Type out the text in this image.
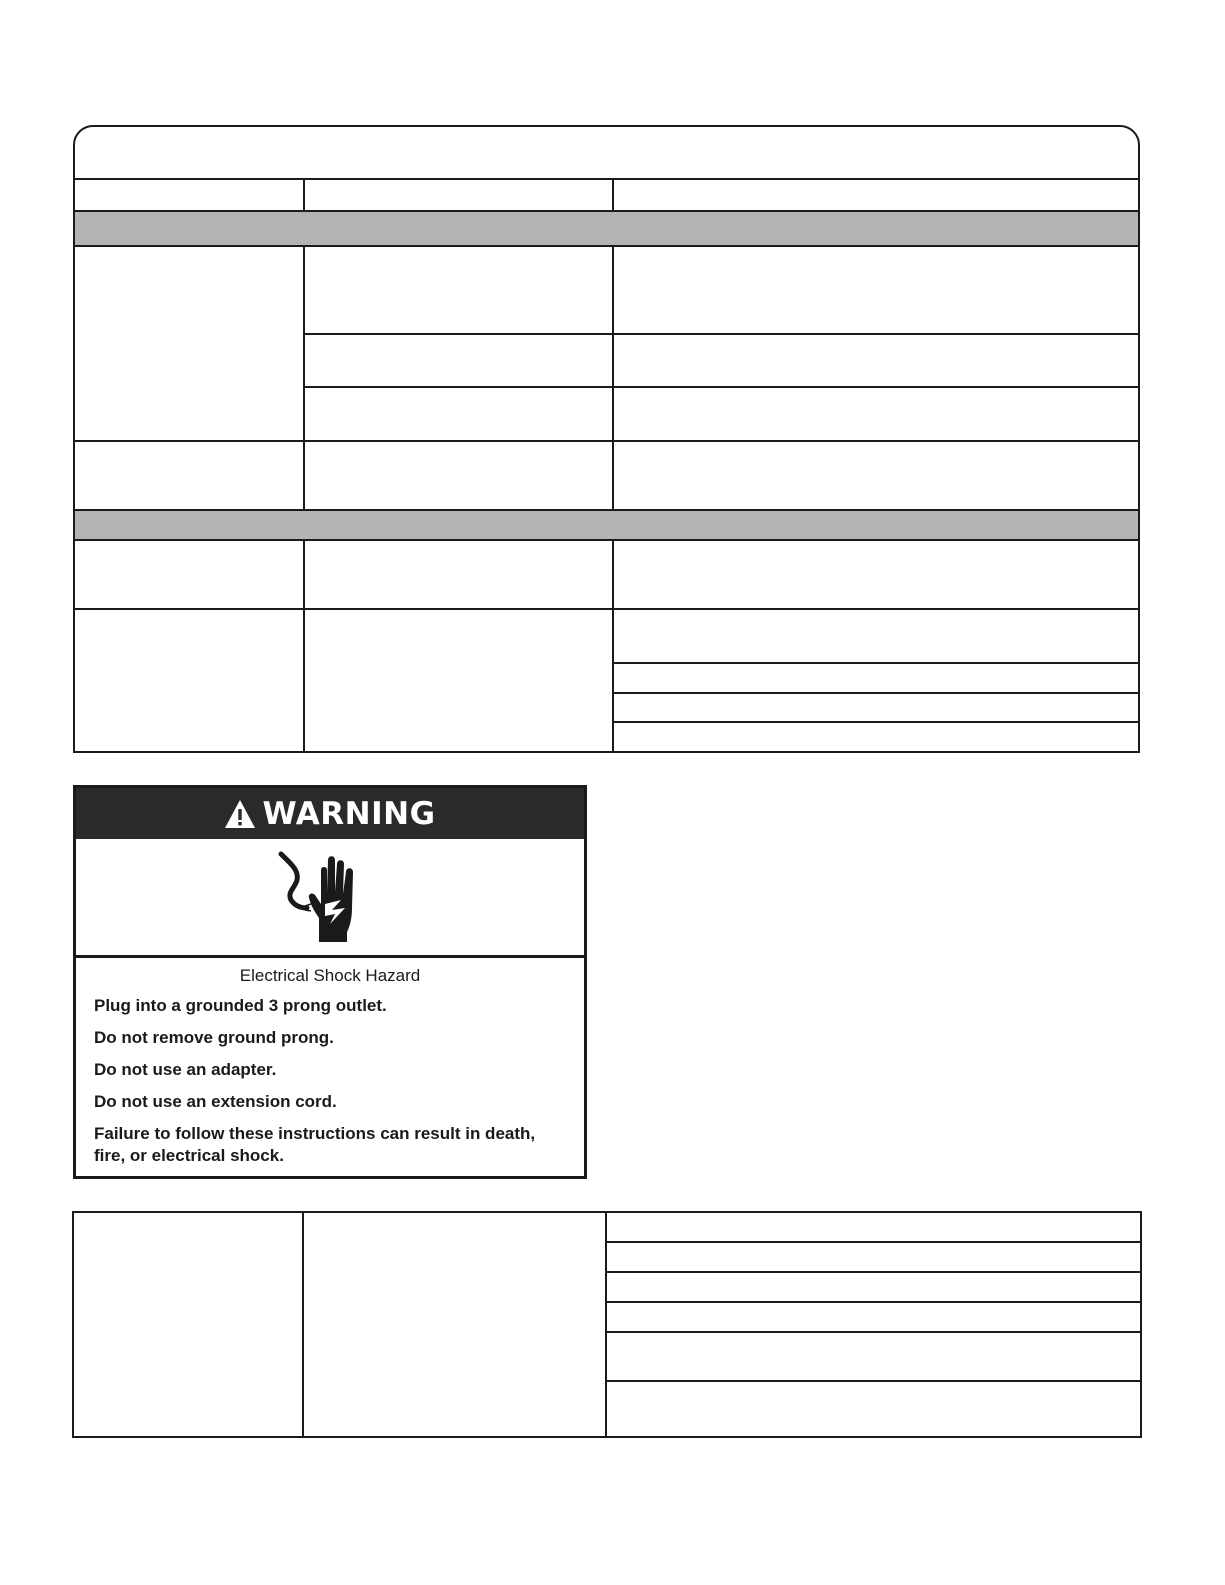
WARNING
Electrical Shock Hazard
Plug into a grounded 3 prong outlet.
Do not remove ground prong.
Do not use an adapter.
Do not use an extension cord.
Failure to follow these instructions can result in death,
fire, or electrical shock.
